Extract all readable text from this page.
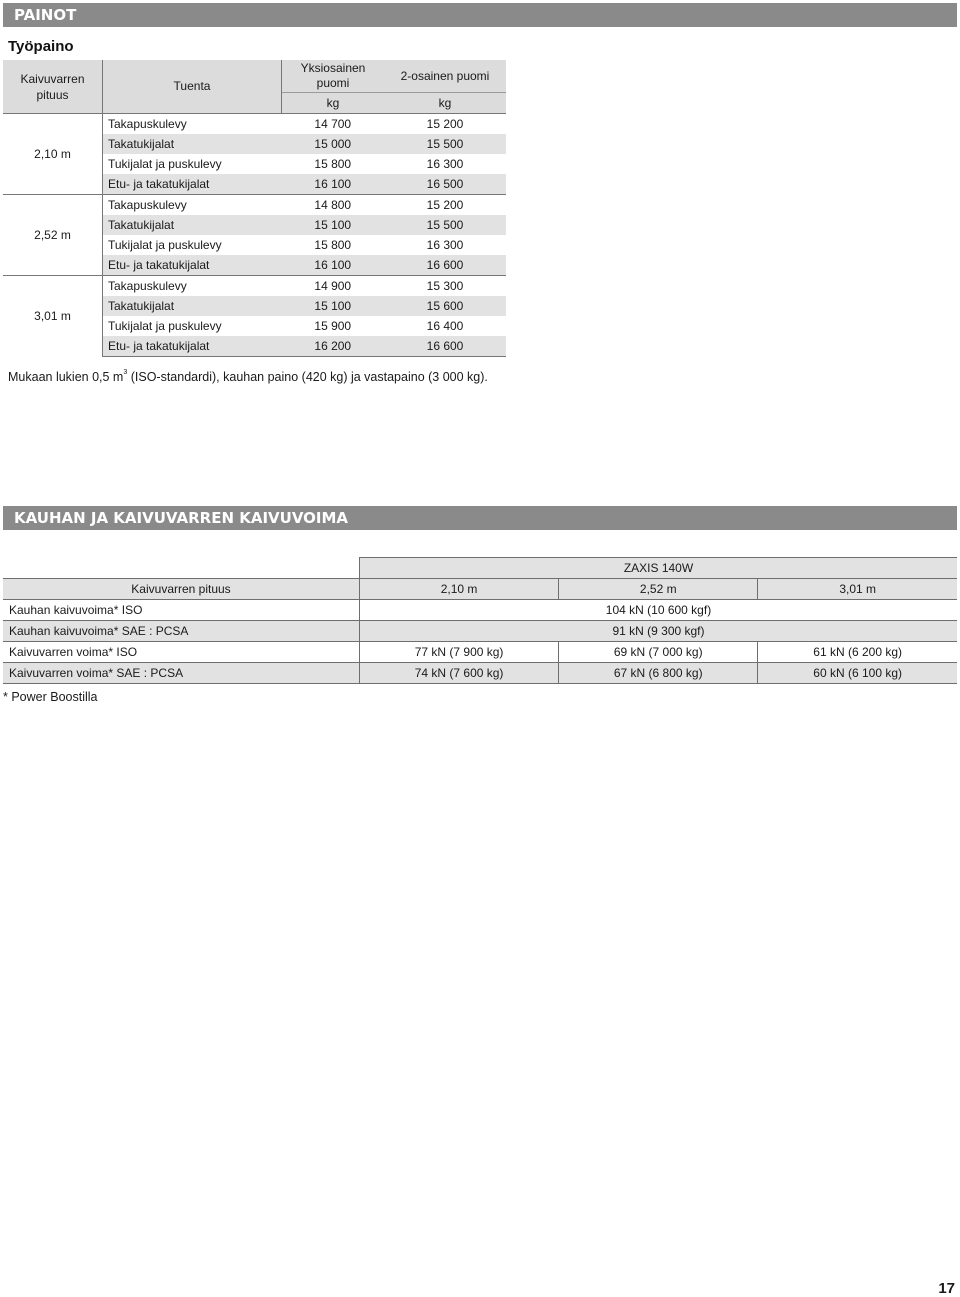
PAINOT
Työpaino
Kaivuvarren pituus	Tuenta	Yksiosainen puomi	2-osainen puomi
		kg	kg
2,10 m	Takapuskulevy	14 700	15 200
	Takatukijalat	15 000	15 500
	Tukijalat ja puskulevy	15 800	16 300
	Etu- ja takatukijalat	16 100	16 500
2,52 m	Takapuskulevy	14 800	15 200
	Takatukijalat	15 100	15 500
	Tukijalat ja puskulevy	15 800	16 300
	Etu- ja takatukijalat	16 100	16 600
3,01 m	Takapuskulevy	14 900	15 300
	Takatukijalat	15 100	15 600
	Tukijalat ja puskulevy	15 900	16 400
	Etu- ja takatukijalat	16 200	16 600
Mukaan lukien 0,5 $m^3$ (ISO-standardi), kauhan paino (420 kg) ja vastapaino (3 000 kg).
KAUHAN JA KAIVUVARREN KAIVUVOIMA
	ZAXIS 140W		
Kaivuvarren pituus	2,10 m	2,52 m	3,01 m
Kauhan kaivuvoima* ISO	104 kN (10 600 kgf)		
Kauhan kaivuvoima* SAE : PCSA	91 kN (9 300 kgf)		
Kaivuvarren voima* ISO	77 kN (7 900 kg)	69 kN (7 000 kg)	61 kN (6 200 kg)
Kaivuvarren voima* SAE : PCSA	74 kN (7 600 kg)	67 kN (6 800 kg)	60 kN (6 100 kg)
* Power Boostilla
17
